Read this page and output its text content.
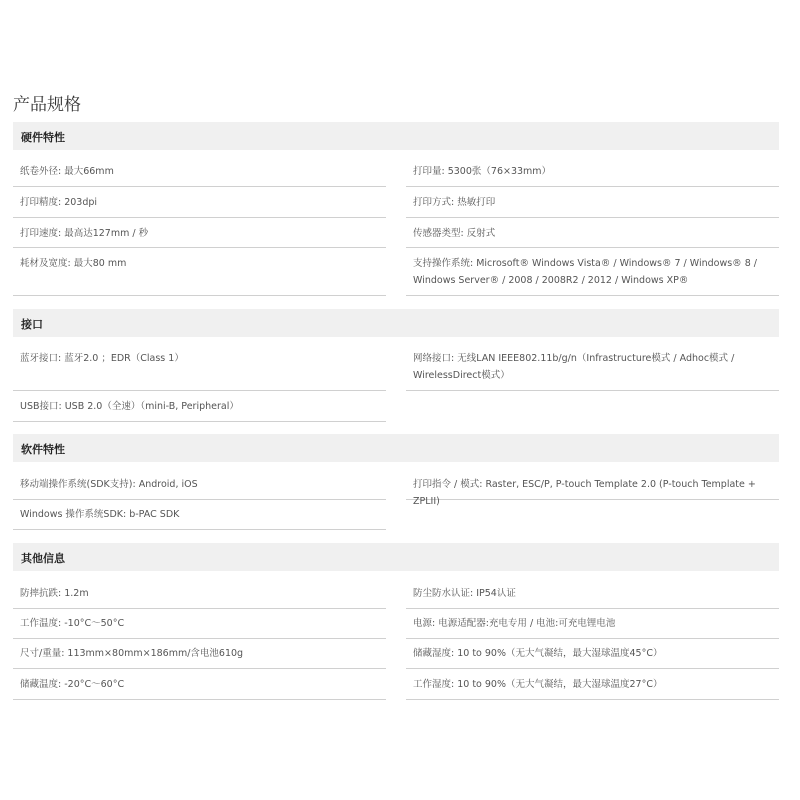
产品规格
硬件特性
纸卷外径: 最大66mm
打印精度: 203dpi
打印速度: 最高达127mm / 秒
耗材及宽度: 最大80 mm
打印量: 5300张（76×33mm）
打印方式: 热敏打印
传感器类型: 反射式
支持操作系统: Microsoft® Windows Vista® / Windows® 7 / Windows® 8 / Windows Server® / 2008 / 2008R2 / 2012 / Windows XP®
接口
蓝牙接口: 蓝牙2.0 ；EDR（Class 1）
USB接口: USB 2.0（全速）（mini-B, Peripheral）
网络接口: 无线LAN IEEE802.11b/g/n（Infrastructure模式 / Adhoc模式 / WirelessDirect模式）
软件特性
移动端操作系统(SDK支持): Android, iOS
Windows 操作系统SDK: b-PAC SDK
打印指令 / 模式: Raster, ESC/P, P-touch Template 2.0 (P-touch Template + ZPLII)
其他信息
防摔抗跌: 1.2m
工作温度: -10°C～50°C
尺寸/重量: 113mm×80mm×186mm/含电池610g
储藏温度: -20°C～60°C
防尘防水认证: IP54认证
电源: 电源适配器:充电专用 / 电池:可充电锂电池
储藏湿度: 10 to 90%（无大气凝结，最大湿球温度45°C）
工作湿度: 10 to 90%（无大气凝结，最大湿球温度27°C）
